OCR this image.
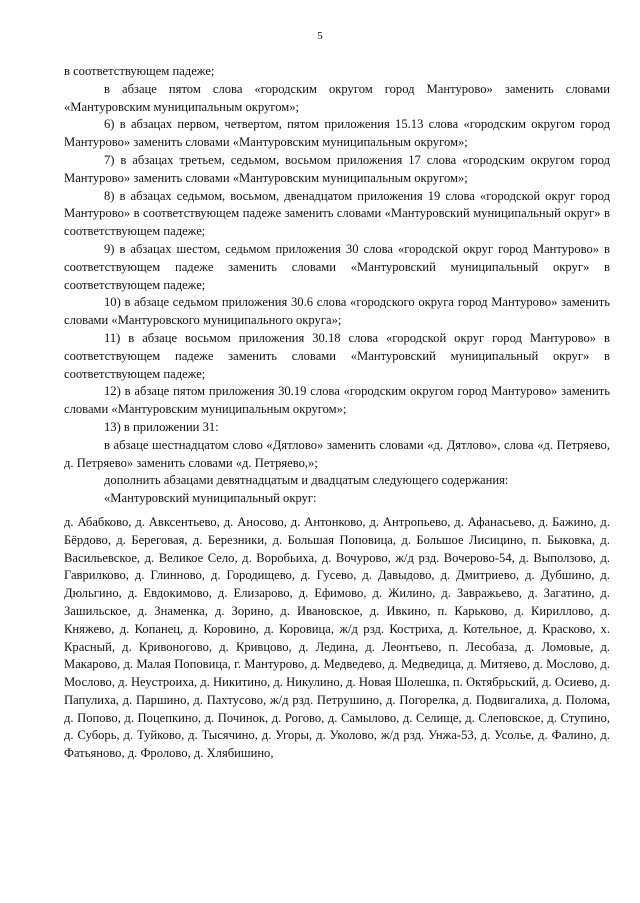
5

в соответствующем падеже;

в абзаце пятом слова «городским округом город Мантурово» заменить словами «Мантуровским муниципальным округом»;

6) в абзацах первом, четвертом, пятом приложения 15.13 слова «городским округом город Мантурово» заменить словами «Мантуровским муниципальным округом»;

7) в абзацах третьем, седьмом, восьмом приложения 17 слова «городским округом город Мантурово» заменить словами «Мантуровским муниципальным округом»;

8) в абзацах седьмом, восьмом, двенадцатом приложения 19 слова «городской округ город Мантурово» в соответствующем падеже заменить словами «Мантуровский муниципальный округ» в соответствующем падеже;

9) в абзацах шестом, седьмом приложения 30 слова «городской округ город Мантурово» в соответствующем падеже заменить словами «Мантуровский муниципальный округ» в соответствующем падеже;

10) в абзаце седьмом приложения 30.6 слова «городского округа город Мантурово» заменить словами «Мантуровского муниципального округа»;

11) в абзаце восьмом приложения 30.18 слова «городской округ город Мантурово» в соответствующем падеже заменить словами «Мантуровский муниципальный округ» в соответствующем падеже;

12) в абзаце пятом приложения 30.19 слова «городским округом город Мантурово» заменить словами «Мантуровским муниципальным округом»;

13) в приложении 31:

в абзаце шестнадцатом слово «Дятлово» заменить словами «д. Дятлово», слова «д. Петряево, д. Петряево» заменить словами «д. Петряево,»;

дополнить абзацами девятнадцатым и двадцатым следующего содержания:

«Мантуровский муниципальный округ:

д. Абабково, д. Авксентьево, д. Аносово, д. Антонково, д. Антропьево, д. Афанасьево, д. Бажино, д. Бёрдово, д. Береговая, д. Березники, д. Большая Поповица, д. Большое Лисицино, п. Быковка, д. Васильевское, д. Великое Село, д. Воробьиха, д. Вочурово, ж/д рзд. Вочерово-54, д. Выползово, д. Гаврилково, д. Глинново, д. Городищево, д. Гусево, д. Давыдово, д. Дмитриево, д. Дубшино, д. Дюльгино, д. Евдокимово, д. Елизарово, д. Ефимово, д. Жилино, д. Завражьево, д. Загатино, д. Зашильское, д. Знаменка, д. Зорино, д. Ивановское, д. Ивкино, п. Карьково, д. Кириллово, д. Княжево, д. Копанец, д. Коровино, д. Коровица, ж/д рзд. Костриха, д. Котельное, д. Красково, х. Красный, д. Кривоногово, д. Кривцово, д. Ледина, д. Леонтьево, п. Лесобаза, д. Ломовые, д. Макарово, д. Малая Поповица, г. Мантурово, д. Медведево, д. Медведица, д. Митяево, д. Мослово, д. Мослово, д. Неустроиха, д. Никитино, д. Никулино, д. Новая Шолешка, п. Октябрьский, д. Осиево, д. Папулиха, д. Паршино, д. Пахтусово, ж/д рзд. Петрушино, д. Погорелка, д. Подвигалиха, д. Полома, д. Попово, д. Поцепкино, д. Починок, д. Рогово, д. Самылово, д. Селище, д. Слеповское, д. Ступино, д. Суборь, д. Туйково, д. Тысячино, д. Угоры, д. Уколово, ж/д рзд. Унжа-53, д. Усолье, д. Фалино, д. Фатьяново, д. Фролово, д. Хлябишино,
